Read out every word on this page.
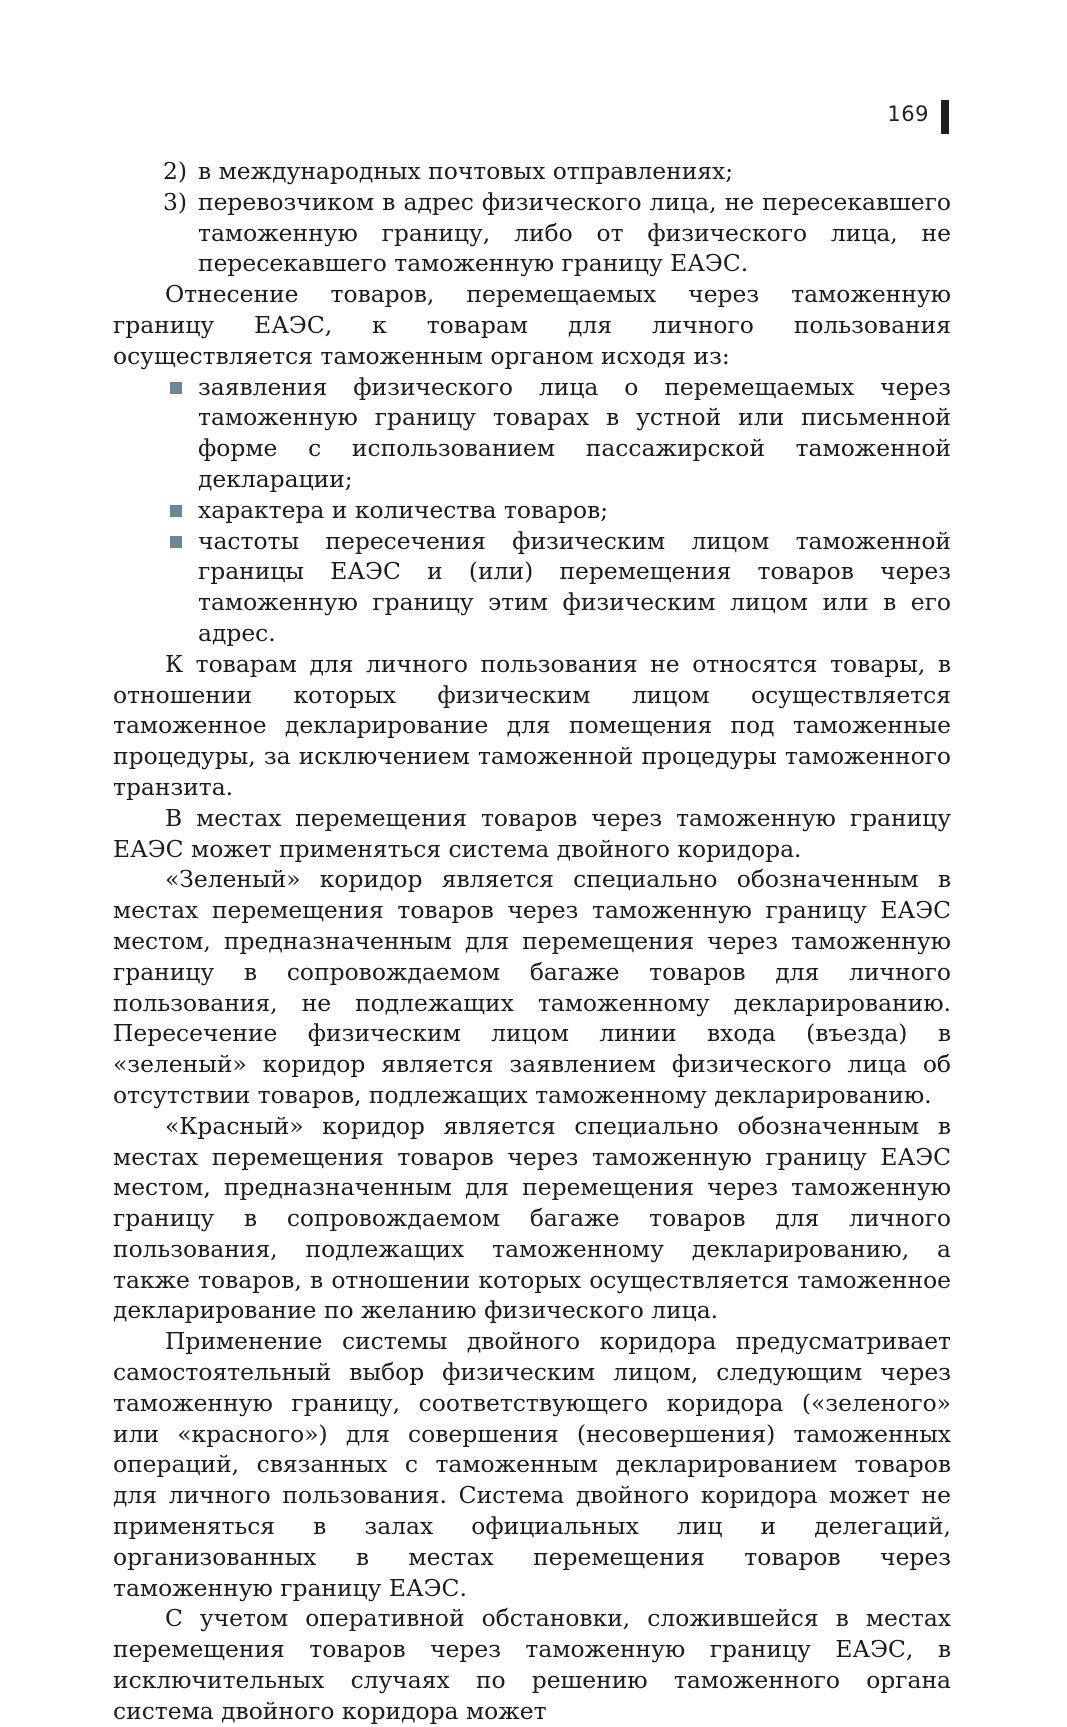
169
2) в международных почтовых отправлениях;

3) перевозчиком в адрес физического лица, не пересекавшего таможенную границу, либо от физического лица, не пересекавшего таможенную границу ЕАЭС.

Отнесение товаров, перемещаемых через таможенную границу ЕАЭС, к товарам для личного пользования осуществляется таможенным органом исходя из:

заявления физического лица о перемещаемых через таможенную границу товарах в устной или письменной форме с использованием пассажирской таможенной декларации;

характера и количества товаров;

частоты пересечения физическим лицом таможенной границы ЕАЭС и (или) перемещения товаров через таможенную границу этим физическим лицом или в его адрес.

К товарам для личного пользования не относятся товары, в отношении которых физическим лицом осуществляется таможенное декларирование для помещения под таможенные процедуры, за исключением таможенной процедуры таможенного транзита.

В местах перемещения товаров через таможенную границу ЕАЭС может применяться система двойного коридора.

«Зеленый» коридор является специально обозначенным в местах перемещения товаров через таможенную границу ЕАЭС местом, предназначенным для перемещения через таможенную границу в сопровождаемом багаже товаров для личного пользования, не подлежащих таможенному декларированию. Пересечение физическим лицом линии входа (въезда) в «зеленый» коридор является заявлением физического лица об отсутствии товаров, подлежащих таможенному декларированию.

«Красный» коридор является специально обозначенным в местах перемещения товаров через таможенную границу ЕАЭС местом, предназначенным для перемещения через таможенную границу в сопровождаемом багаже товаров для личного пользования, подлежащих таможенному декларированию, а также товаров, в отношении которых осуществляется таможенное декларирование по желанию физического лица.

Применение системы двойного коридора предусматривает самостоятельный выбор физическим лицом, следующим через таможенную границу, соответствующего коридора («зеленого» или «красного») для совершения (несовершения) таможенных операций, связанных с таможенным декларированием товаров для личного пользования. Система двойного коридора может не применяться в залах официальных лиц и делегаций, организованных в местах перемещения товаров через таможенную границу ЕАЭС.

С учетом оперативной обстановки, сложившейся в местах перемещения товаров через таможенную границу ЕАЭС, в исключительных случаях по решению таможенного органа система двойного коридора может
